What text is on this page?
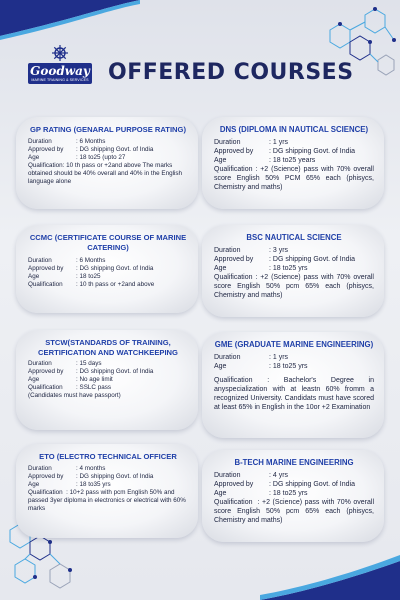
Goodway
MARINE TRAINING & SERVICES OFFERED COURSES
GP RATING (GENARAL PURPOSE RATING)
Duration	: 6 Months
Approved by	: DG shipping Govt. of India
Age	: 18 to25 (upto 27
Qualification: 10 th pass or +2and above The marks obtained should be 40% overall and 40% in the English language alone
DNS (DIPLOMA IN NAUTICAL SCIENCE)
Duration	: 1 yrs
Approved by	: DG shipping Govt. of India
Age	: 18 to25 years
Qualification : +2 (Science) pass with 70% overall score English 50% PCM 65% each (phisycs, Chemistry and maths)
CCMC (CERTIFICATE COURSE OF MARINE CATERING)
Duration	: 6 Months
Approved by	: DG shipping Govt. of India
Age	: 18 to25
Qualification	: 10 th pass or +2and above
BSC NAUTICAL SCIENCE
Duration	: 3 yrs
Approved by	: DG shipping Govt. of India
Age	: 18 to25 yrs
Qualification : +2 (Science) pass with 70% overall score English 50% pcm 65% each (phisycs, Chemistry and maths)
STCW(STANDARDS OF TRAINING, CERTIFICATION AND WATCHKEEPING
Duration	: 15 days
Approved by	: DG shipping Govt. of India
Age	: No age limit
Qualification	: SSLC pass
(Candidates must have passport)
GME (GRADUATE MARINE ENGINEERING)
Duration	: 1 yrs
Age	: 18 to25 yrs
Qualification : Bachelor's Degree in anyspecialization with at leastn 60% fromm a recognized University. Candidats must have scored at least 65% in English in the 10or +2 Examination
ETO (ELECTRO TECHNICAL OFFICER
Duration	: 4 months
Approved by	: DG shipping Govt. of India
Age	: 18 to35 yrs
Qualification : 10+2 pass with pcm English 50% and passed 3yer diploma in electronics or electrical with 60% marks
B-TECH MARINE ENGINEERING
Duration	: 4 yrs
Approved by	: DG shipping Govt. of India
Age	: 18 to25 yrs
Qualification : +2 (Science) pass with 70% overall score English 50% pcm 65% each (phisycs, Chemistry and maths)
